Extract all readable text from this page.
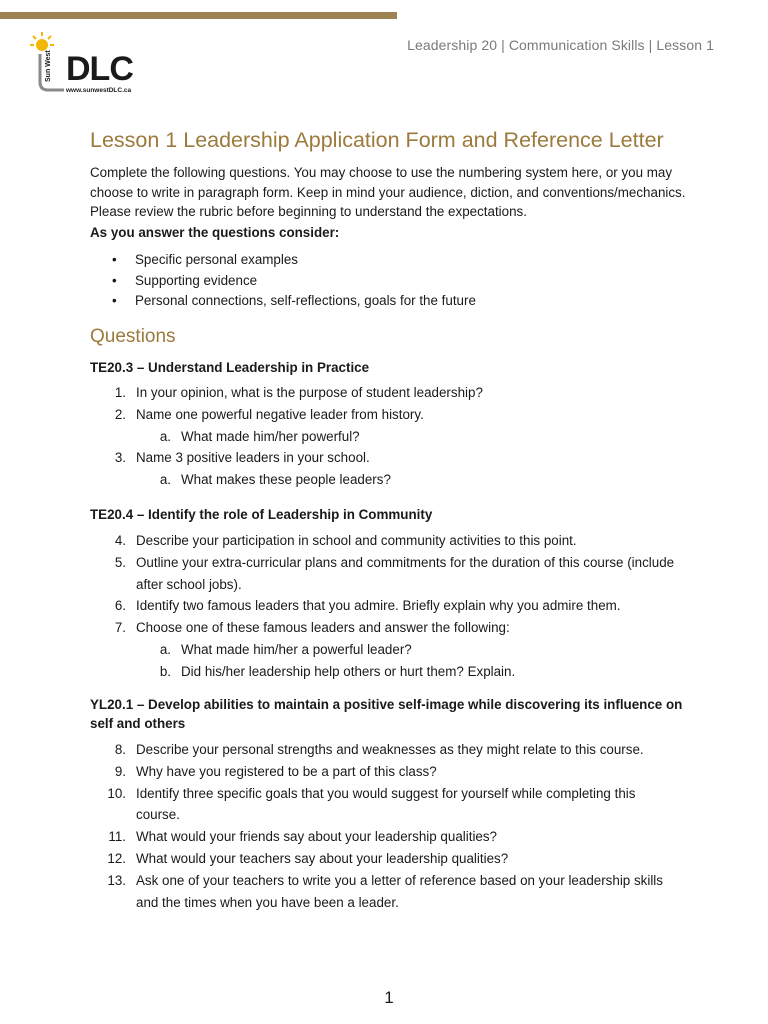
Sun West DLC
www.sunwestDLC.ca
Leadership 20 | Communication Skills | Lesson 1
Lesson 1 Leadership Application Form and Reference Letter

Complete the following questions. You may choose to use the numbering system here, or you may choose to write in paragraph form. Keep in mind your audience, diction, and conventions/mechanics. Please review the rubric before beginning to understand the expectations.

As you answer the questions consider:

• Specific personal examples
• Supporting evidence
• Personal connections, self-reflections, goals for the future
Questions

TE20.3 – Understand Leadership in Practice

1. In your opinion, what is the purpose of student leadership?
2. Name one powerful negative leader from history.
a. What made him/her powerful?
3. Name 3 positive leaders in your school.
a. What makes these people leaders?

TE20.4 – Identify the role of Leadership in Community

4. Describe your participation in school and community activities to this point.
5. Outline your extra-curricular plans and commitments for the duration of this course (include after school jobs).
6. Identify two famous leaders that you admire. Briefly explain why you admire them.
7. Choose one of these famous leaders and answer the following:
a. What made him/her a powerful leader?
b. Did his/her leadership help others or hurt them? Explain.

YL20.1 – Develop abilities to maintain a positive self-image while discovering its influence on self and others

8. Describe your personal strengths and weaknesses as they might relate to this course.
9. Why have you registered to be a part of this class?
10. Identify three specific goals that you would suggest for yourself while completing this course.
11. What would your friends say about your leadership qualities?
12. What would your teachers say about your leadership qualities?
13. Ask one of your teachers to write you a letter of reference based on your leadership skills and the times when you have been a leader.
1
